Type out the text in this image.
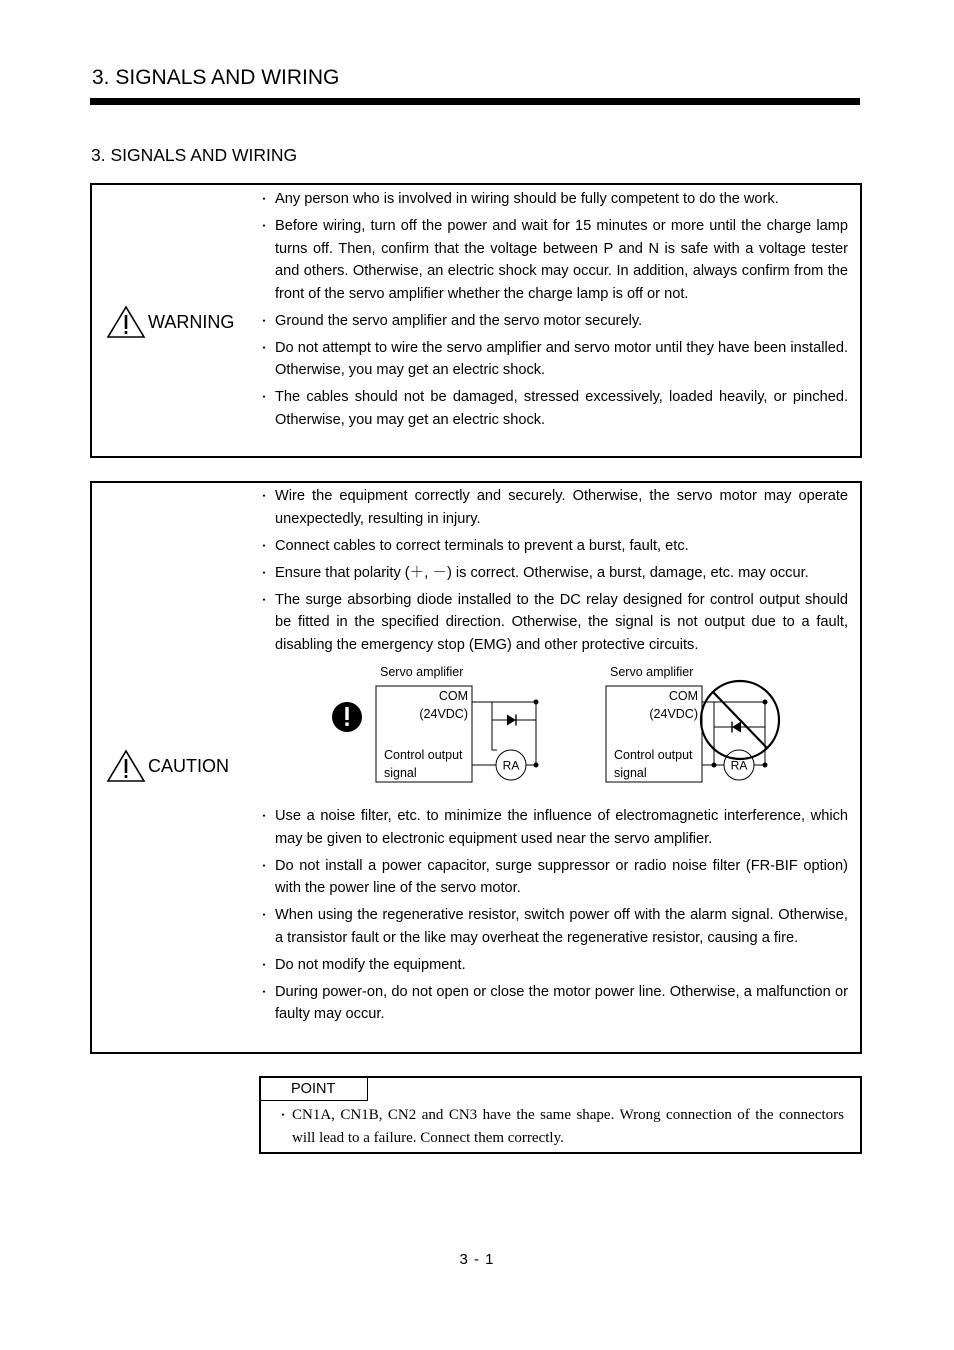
3. SIGNALS AND WIRING
3. SIGNALS AND WIRING
WARNING
・ Any person who is involved in wiring should be fully competent to do the work.
・ Before wiring, turn off the power and wait for 15 minutes or more until the charge lamp turns off. Then, confirm that the voltage between P and N is safe with a voltage tester and others. Otherwise, an electric shock may occur. In addition, always confirm from the front of the servo amplifier whether the charge lamp is off or not.
・ Ground the servo amplifier and the servo motor securely.
・ Do not attempt to wire the servo amplifier and servo motor until they have been installed. Otherwise, you may get an electric shock.
・ The cables should not be damaged, stressed excessively, loaded heavily, or pinched. Otherwise, you may get an electric shock.
CAUTION
・ Wire the equipment correctly and securely. Otherwise, the servo motor may operate unexpectedly, resulting in injury.
・ Connect cables to correct terminals to prevent a burst, fault, etc.
・ Ensure that polarity (＋, －) is correct. Otherwise, a burst, damage, etc. may occur.
・ The surge absorbing diode installed to the DC relay designed for control output should be fitted in the specified direction. Otherwise, the signal is not output due to a fault, disabling the emergency stop (EMG) and other protective circuits.
Servo amplifier
COM
(24VDC)
Control output
signal
RA
Servo amplifier
COM
(24VDC)
Control output
signal
RA
・ Use a noise filter, etc. to minimize the influence of electromagnetic interference, which may be given to electronic equipment used near the servo amplifier.
・ Do not install a power capacitor, surge suppressor or radio noise filter (FR-BIF option) with the power line of the servo motor.
・ When using the regenerative resistor, switch power off with the alarm signal. Otherwise, a transistor fault or the like may overheat the regenerative resistor, causing a fire.
・ Do not modify the equipment.
・ During power-on, do not open or close the motor power line. Otherwise, a malfunction or faulty may occur.
POINT
・ CN1A, CN1B, CN2 and CN3 have the same shape. Wrong connection of the connectors will lead to a failure. Connect them correctly.
3 - 1
